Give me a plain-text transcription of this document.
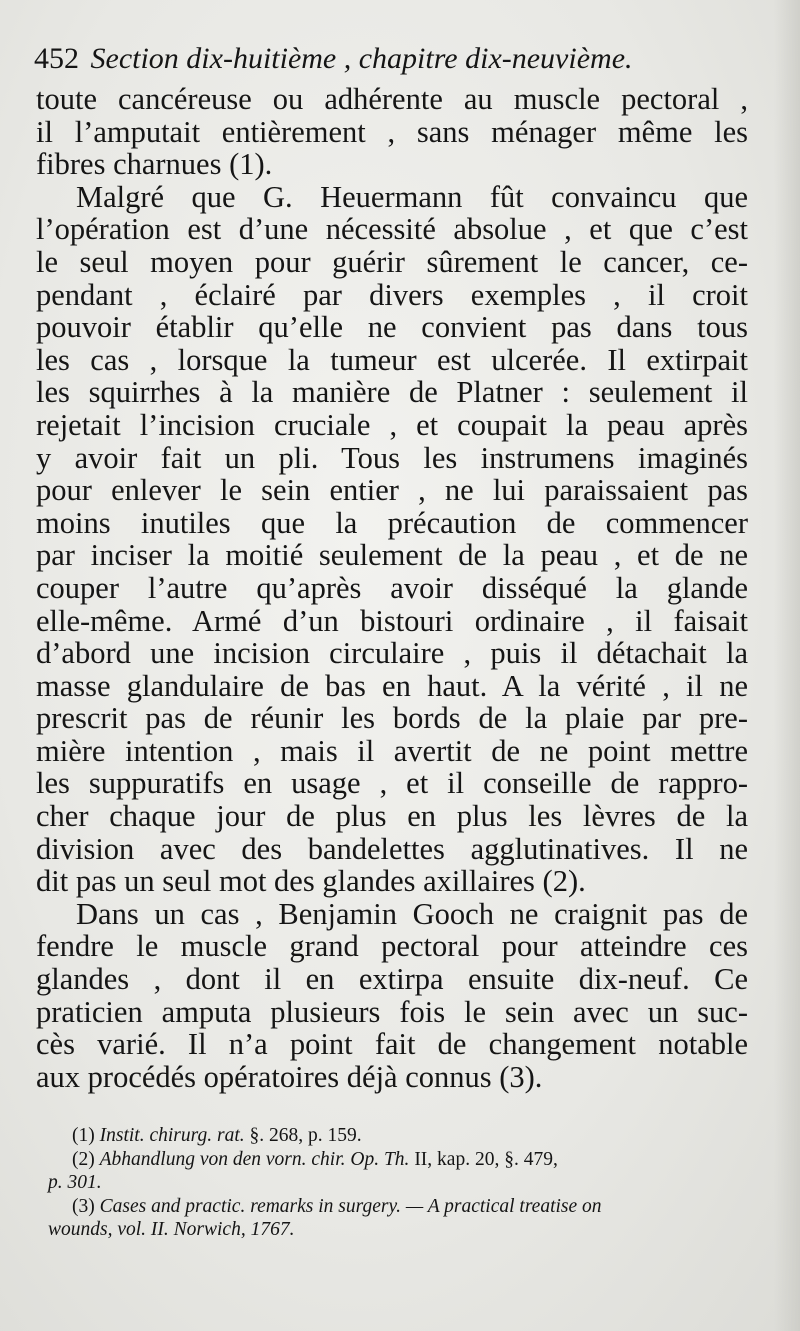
452 Section dix-huitième , chapitre dix-neuvième.
toute cancéreuse ou adhérente au muscle pectoral ,
il l’amputait entièrement , sans ménager même les
fibres charnues (1).
Malgré que G. Heuermann fût convaincu que
l’opération est d’une nécessité absolue , et que c’est
le seul moyen pour guérir sûrement le cancer, ce-
pendant , éclairé par divers exemples , il croit
pouvoir établir qu’elle ne convient pas dans tous
les cas , lorsque la tumeur est ulcerée. Il extirpait
les squirrhes à la manière de Platner : seulement il
rejetait l’incision cruciale , et coupait la peau après
y avoir fait un pli. Tous les instrumens imaginés
pour enlever le sein entier , ne lui paraissaient pas
moins inutiles que la précaution de commencer
par inciser la moitié seulement de la peau , et de ne
couper l’autre qu’après avoir disséqué la glande
elle-même. Armé d’un bistouri ordinaire , il faisait
d’abord une incision circulaire , puis il détachait la
masse glandulaire de bas en haut. A la vérité , il ne
prescrit pas de réunir les bords de la plaie par pre-
mière intention , mais il avertit de ne point mettre
les suppuratifs en usage , et il conseille de rappro-
cher chaque jour de plus en plus les lèvres de la
division avec des bandelettes agglutinatives. Il ne
dit pas un seul mot des glandes axillaires (2).
Dans un cas , Benjamin Gooch ne craignit pas de
fendre le muscle grand pectoral pour atteindre ces
glandes , dont il en extirpa ensuite dix-neuf. Ce
praticien amputa plusieurs fois le sein avec un suc-
cès varié. Il n’a point fait de changement notable
aux procédés opératoires déjà connus (3).
(1) Instit. chirurg. rat. §. 268, p. 159.
(2) Abhandlung von den vorn. chir. Op. Th. II, kap. 20, §. 479,
p. 301.
(3) Cases and practic. remarks in surgery. — A practical treatise on
wounds, vol. II. Norwich, 1767.
